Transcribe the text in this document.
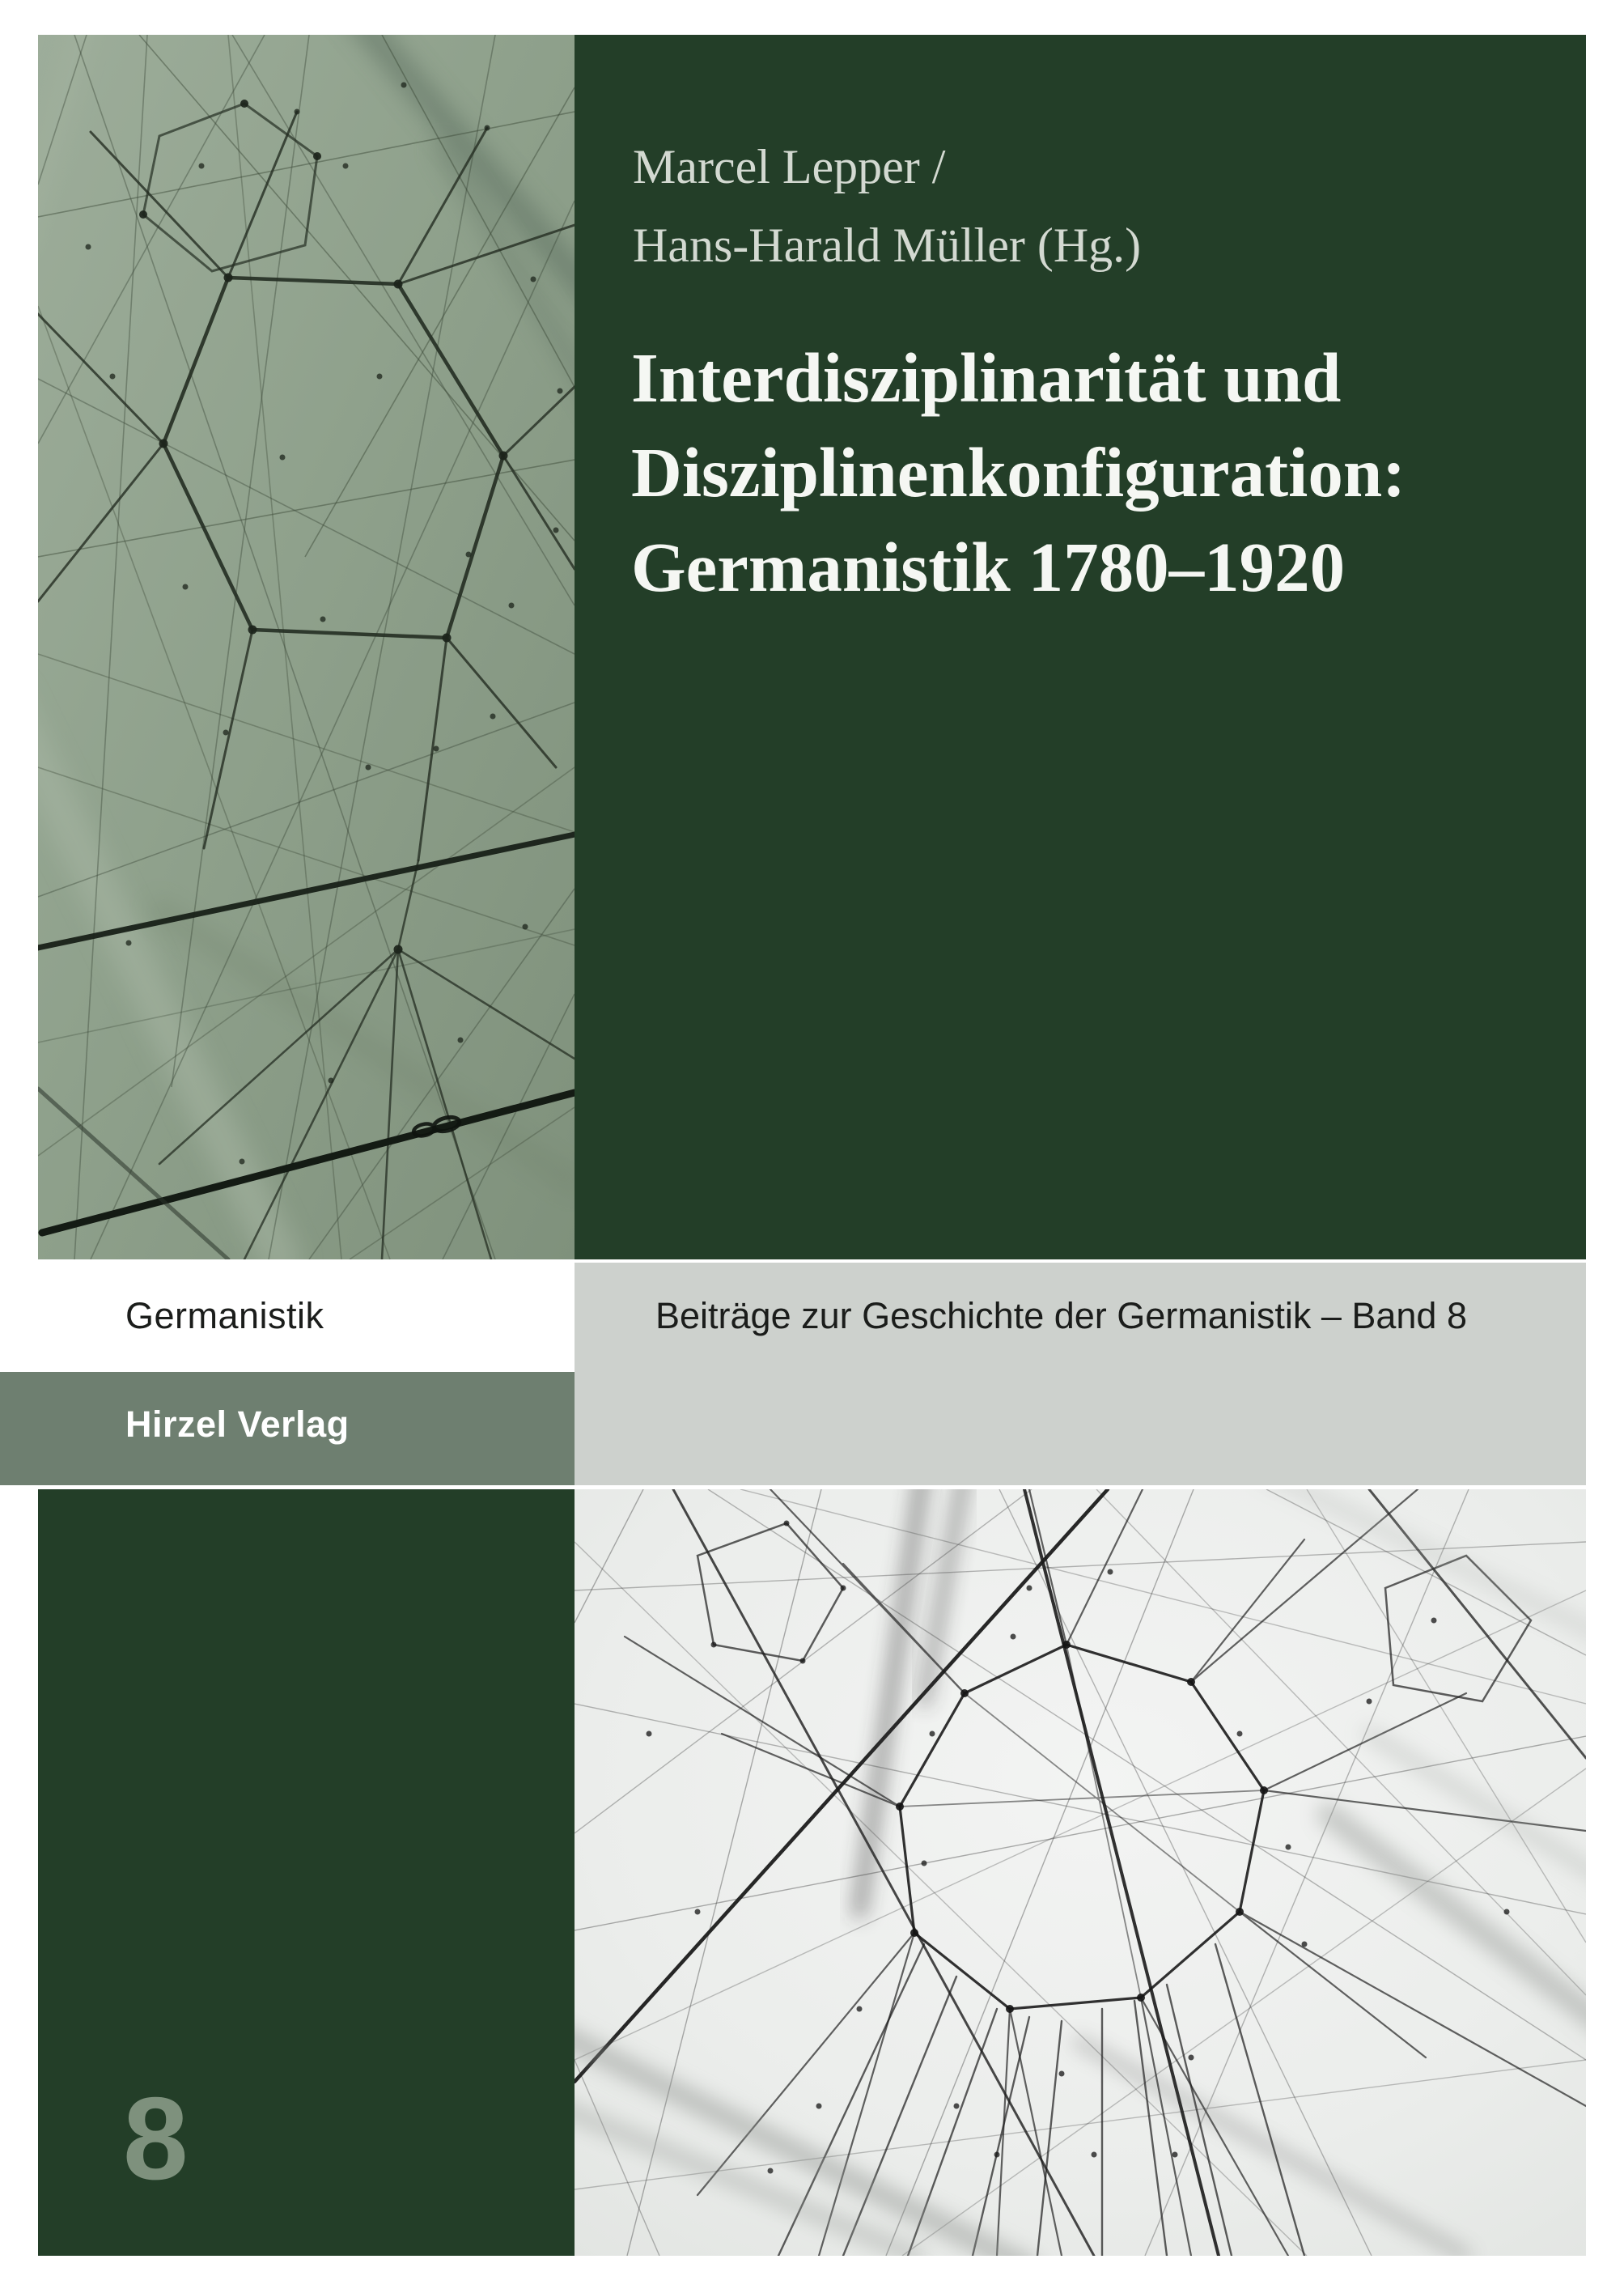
Marcel Lepper /
Hans-Harald Müller (Hg.)
Interdisziplinarität und
Disziplinenkonfiguration:
Germanistik 1780–1920
Germanistik	Beiträge zur Geschichte der Germanistik – Band 8
Hirzel Verlag
8
